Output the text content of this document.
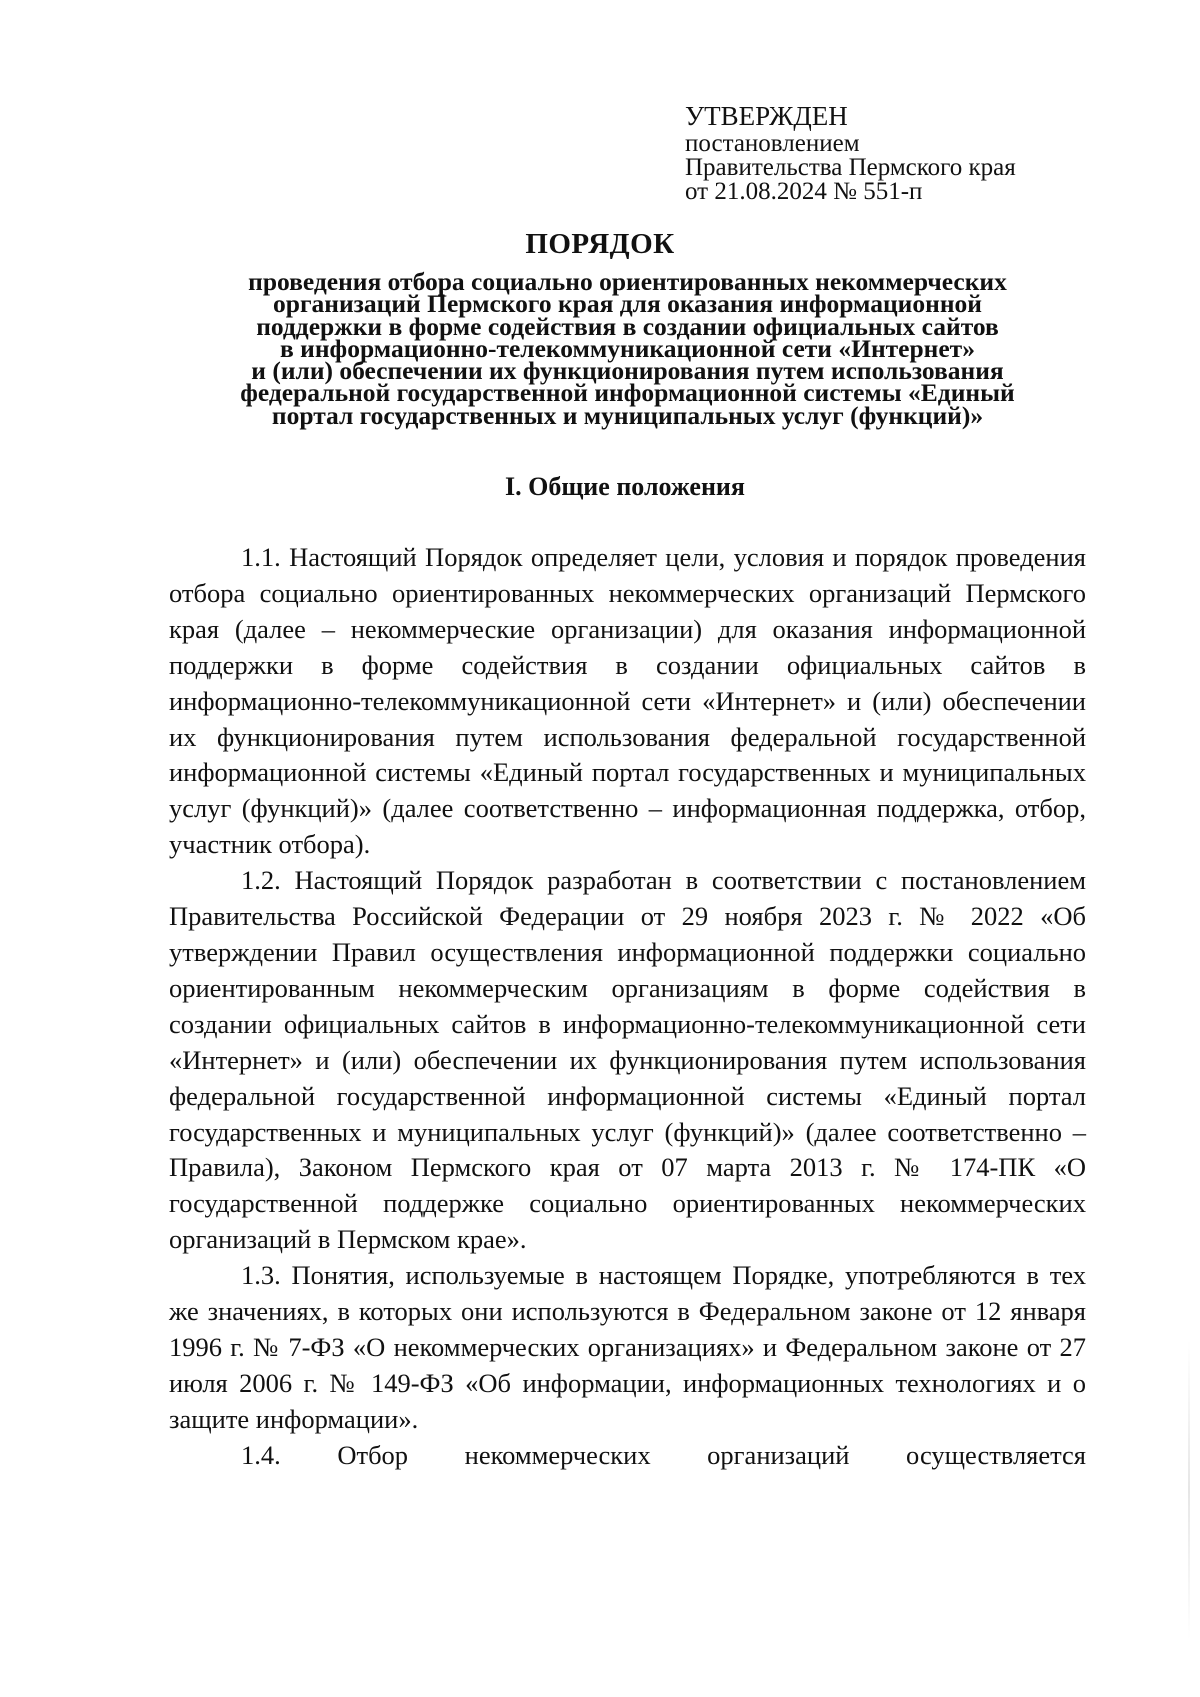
УТВЕРЖДЕН
постановлением
Правительства Пермского края
от 21.08.2024 № 551-п
ПОРЯДОК
проведения отбора социально ориентированных некоммерческих
организаций Пермского края для оказания информационной
поддержки в форме содействия в создании официальных сайтов
в информационно-телекоммуникационной сети «Интернет»
и (или) обеспечении их функционирования путем использования
федеральной государственной информационной системы «Единый
портал государственных и муниципальных услуг (функций)»
I. Общие положения

1.1. Настоящий Порядок определяет цели, условия и порядок проведения отбора социально ориентированных некоммерческих организаций Пермского края (далее – некоммерческие организации) для оказания информационной поддержки в форме содействия в создании официальных сайтов в информационно-телекоммуникационной сети «Интернет» и (или) обеспечении их функционирования путем использования федеральной государственной информационной системы «Единый портал государственных и муниципальных услуг (функций)» (далее соответственно – информационная поддержка, отбор, участник отбора).

1.2. Настоящий Порядок разработан в соответствии с постановлением Правительства Российской Федерации от 29 ноября 2023 г. № 2022 «Об утверждении Правил осуществления информационной поддержки социально ориентированным некоммерческим организациям в форме содействия в создании официальных сайтов в информационно-телекоммуникационной сети «Интернет» и (или) обеспечении их функционирования путем использования федеральной государственной информационной системы «Единый портал государственных и муниципальных услуг (функций)» (далее соответственно – Правила), Законом Пермского края от 07 марта 2013 г. № 174-ПК «О государственной поддержке социально ориентированных некоммерческих организаций в Пермском крае».

1.3. Понятия, используемые в настоящем Порядке, употребляются в тех же значениях, в которых они используются в Федеральном законе от 12 января 1996 г. № 7-ФЗ «О некоммерческих организациях» и Федеральном законе от 27 июля 2006 г. № 149-ФЗ «Об информации, информационных технологиях и о защите информации».

1.4. Отбор некоммерческих организаций осуществляется
